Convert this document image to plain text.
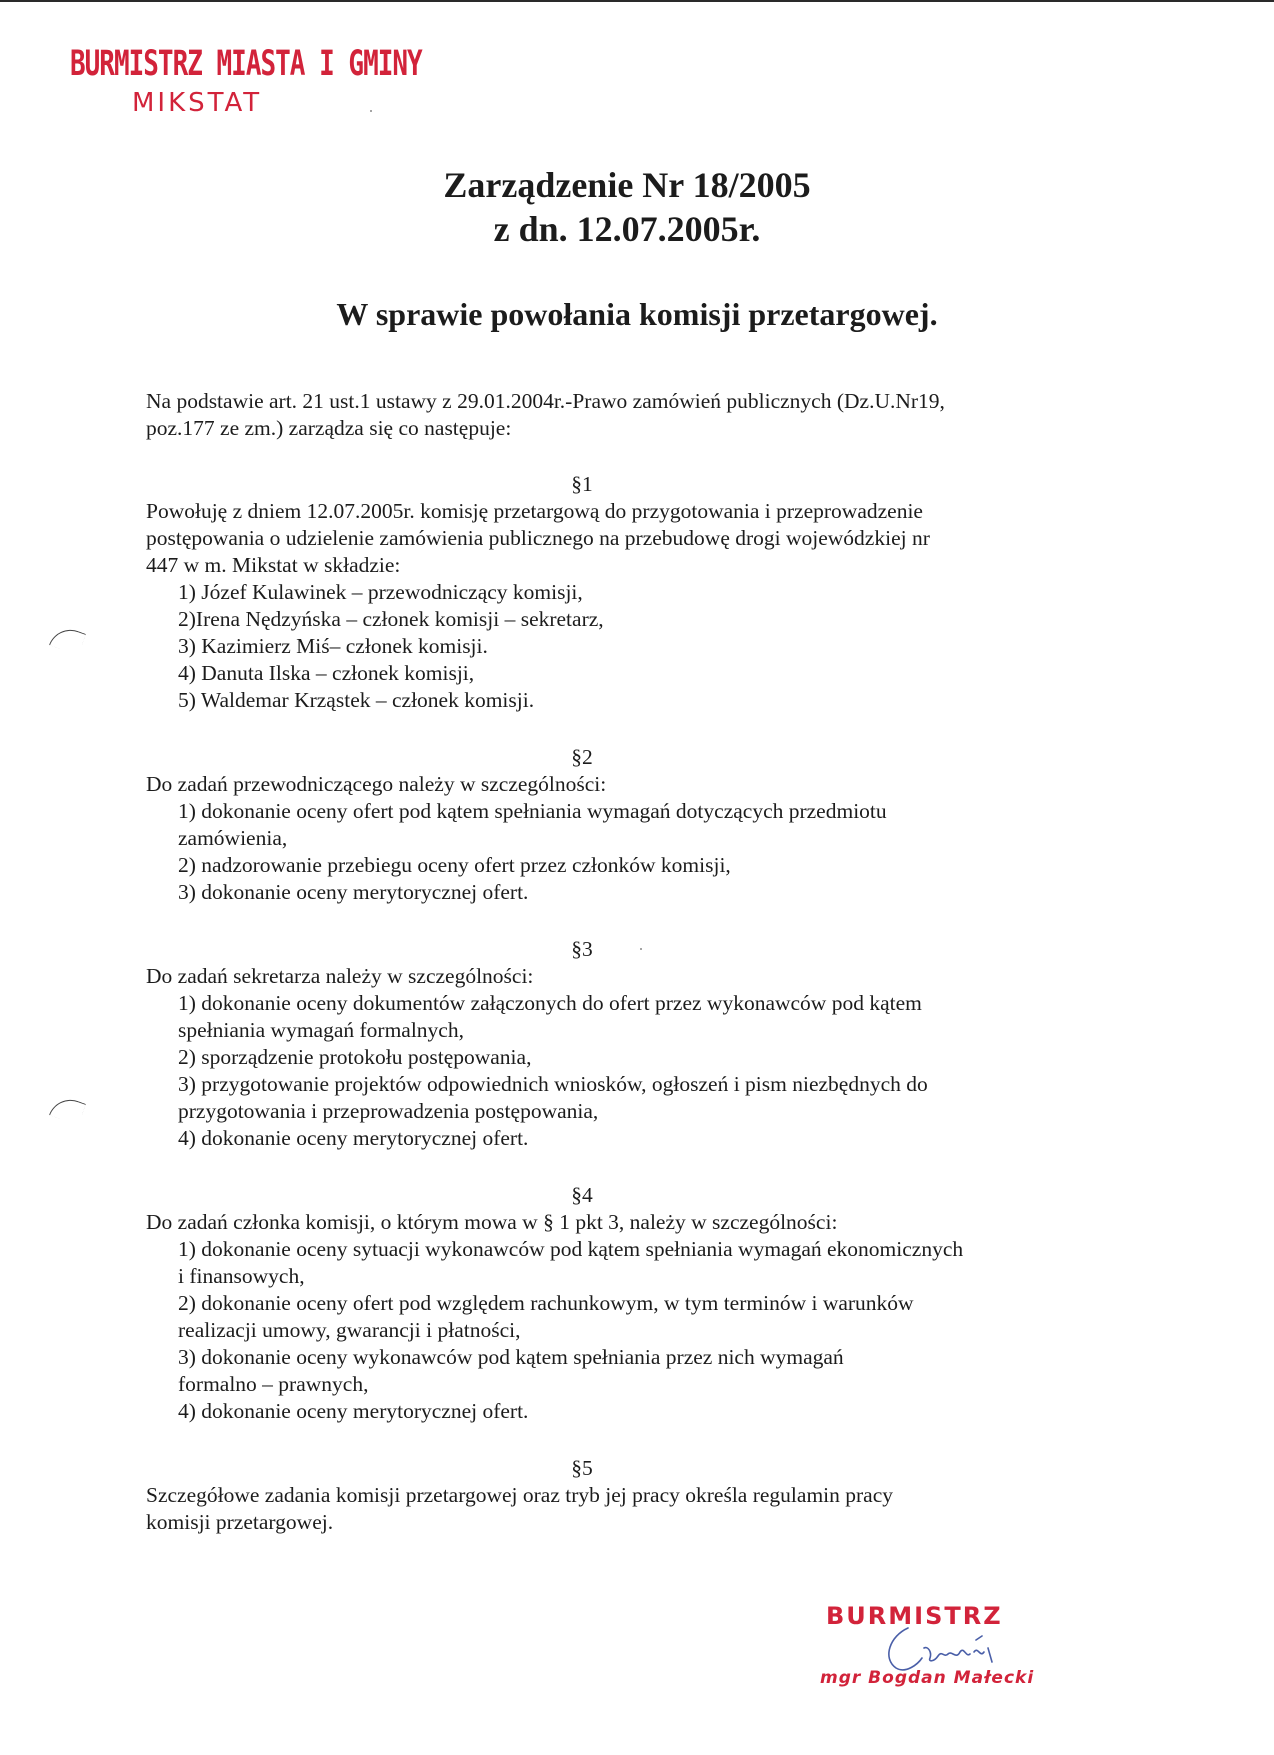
BURMISTRZ MIASTA I GMINY
MIKSTAT
Zarządzenie Nr 18/2005
z dn. 12.07.2005r.
W sprawie powołania komisji przetargowej.

Na podstawie art. 21 ust.1 ustawy z 29.01.2004r.-Prawo zamówień publicznych (Dz.U.Nr19,

poz.177 ze zm.) zarządza się co następuje:

§1

Powołuję z dniem 12.07.2005r. komisję przetargową do przygotowania i przeprowadzenie

postępowania o udzielenie zamówienia publicznego na przebudowę drogi wojewódzkiej nr

447 w m. Mikstat w składzie:

1) Józef Kulawinek – przewodniczący komisji,

2)Irena Nędzyńska – członek komisji – sekretarz,

3) Kazimierz Miś– członek komisji.

4) Danuta Ilska – członek komisji,

5) Waldemar Krząstek – członek komisji.

§2

Do zadań przewodniczącego należy w szczególności:

1) dokonanie oceny ofert pod kątem spełniania wymagań dotyczących przedmiotu

zamówienia,

2) nadzorowanie przebiegu oceny ofert przez członków komisji,

3) dokonanie oceny merytorycznej ofert.

§3

Do zadań sekretarza należy w szczególności:

1) dokonanie oceny dokumentów załączonych do ofert przez wykonawców pod kątem

spełniania wymagań formalnych,

2) sporządzenie protokołu postępowania,

3) przygotowanie projektów odpowiednich wniosków, ogłoszeń i pism niezbędnych do

przygotowania i przeprowadzenia postępowania,

4) dokonanie oceny merytorycznej ofert.

§4

Do zadań członka komisji, o którym mowa w § 1 pkt 3, należy w szczególności:

1) dokonanie oceny sytuacji wykonawców pod kątem spełniania wymagań ekonomicznych

i finansowych,

2) dokonanie oceny ofert pod względem rachunkowym, w tym terminów i warunków

realizacji umowy, gwarancji i płatności,

3) dokonanie oceny wykonawców pod kątem spełniania przez nich wymagań

formalno – prawnych,

4) dokonanie oceny merytorycznej ofert.

§5

Szczegółowe zadania komisji przetargowej oraz tryb jej pracy określa regulamin pracy

komisji przetargowej.

BURMISTRZ
mgr Bogdan Małecki
